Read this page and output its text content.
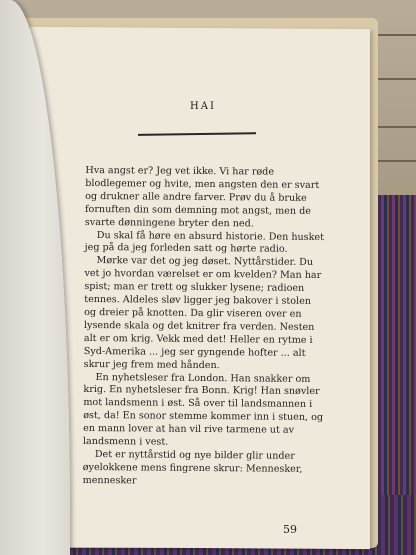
HAI

Hva angst er? Jeg vet ikke. Vi har røde blodlegemer og hvite, men angsten den er svart og drukner alle andre farver. Prøv du å bruke fornuften din som demning mot angst, men de svarte dønningene bryter den ned.

Du skal få høre en absurd historie. Den husket jeg på da jeg forleden satt og hørte radio.

Mørke var det og jeg døset. Nyttårstider. Du vet jo hvordan værelset er om kvelden? Man har spist; man er trett og slukker lysene; radioen tennes. Aldeles sløv ligger jeg bakover i stolen og dreier på knotten. Da glir viseren over en lysende skala og det knitrer fra verden. Nesten alt er om krig. Vekk med det! Heller en rytme i Syd-Amerika ... jeg ser gyngende hofter ... alt skrur jeg frem med hånden.

En nyhetsleser fra London. Han snakker om krig. En nyhetsleser fra Bonn. Krig! Han snøvler mot landsmenn i øst. Så over til landsmannen i øst, da! En sonor stemme kommer inn i stuen, og en mann lover at han vil rive tarmene ut av landsmenn i vest.

Det er nyttårstid og nye bilder glir under øyelokkene mens fingrene skrur: Mennesker, mennesker

59
